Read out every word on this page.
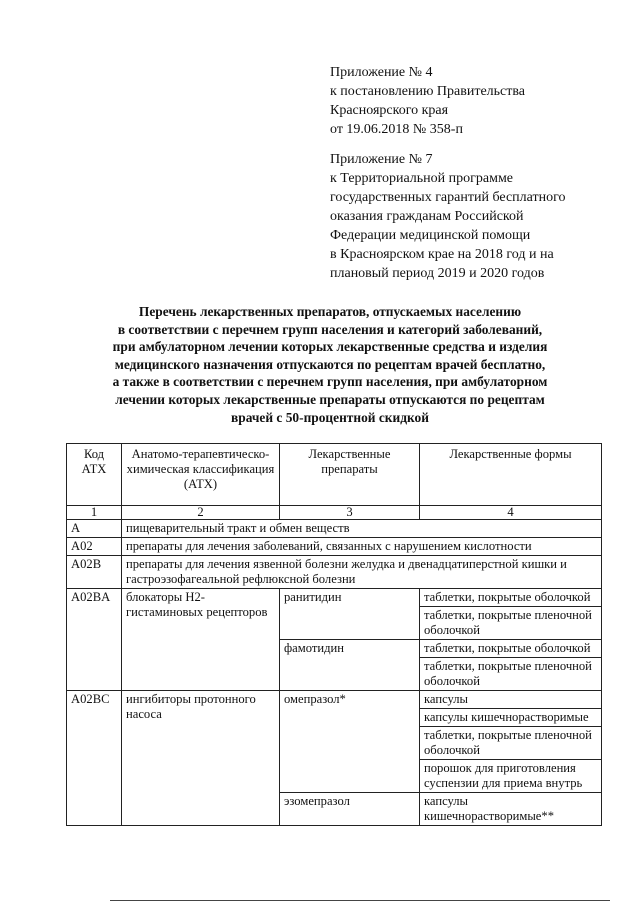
Приложение № 4
к постановлению Правительства
Красноярского края
от 19.06.2018 № 358-п
Приложение № 7
к Территориальной программе
государственных гарантий бесплатного
оказания гражданам Российской
Федерации медицинской помощи
в Красноярском крае на 2018 год и на
плановый период 2019 и 2020 годов
Перечень лекарственных препаратов, отпускаемых населению
в соответствии с перечнем групп населения и категорий заболеваний,
при амбулаторном лечении которых лекарственные средства и изделия
медицинского назначения отпускаются по рецептам врачей бесплатно,
а также в соответствии с перечнем групп населения, при амбулаторном
лечении которых лекарственные препараты отпускаются по рецептам
врачей с 50-процентной скидкой
Код АТХ	Анатомо-терапевтическо-химическая классификация (АТХ)	Лекарственные препараты	Лекарственные формы
1	2	3	4
A	пищеварительный тракт и обмен веществ		
A02	препараты для лечения заболеваний, связанных с нарушением кислотности		
A02B	препараты для лечения язвенной болезни желудка и двенадцатиперстной кишки и гастроэзофагеальной рефлюксной болезни		
A02BA	блокаторы H2-гистаминовых рецепторов	ранитидин	таблетки, покрытые оболочкой
			таблетки, покрытые пленочной оболочкой
		фамотидин	таблетки, покрытые оболочкой
			таблетки, покрытые пленочной оболочкой
A02BC	ингибиторы протонного насоса	омепразол*	капсулы
			капсулы кишечнорастворимые
			таблетки, покрытые пленочной оболочкой
			порошок для приготовления суспензии для приема внутрь
		эзомепразол	капсулы кишечнорастворимые**
